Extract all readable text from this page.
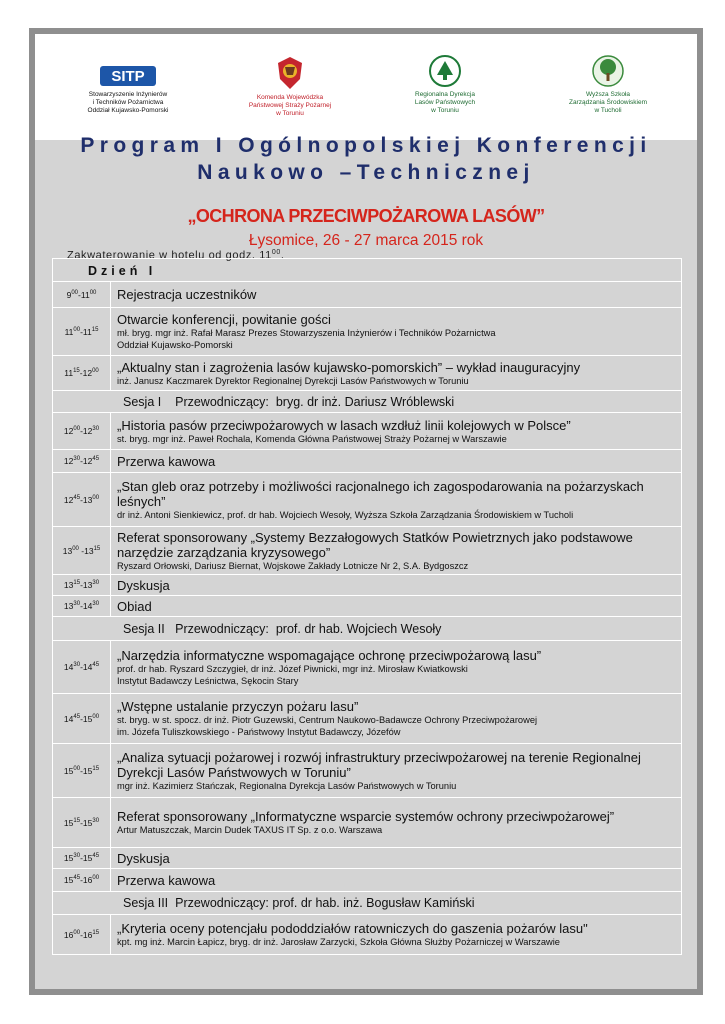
SITP
Stowarzyszenie Inżynierów
i Techników Pożarnictwa
Oddział Kujawsko-Pomorski
Komenda Wojewódzka
Państwowej Straży Pożarnej
w Toruniu
Regionalna Dyrekcja
Lasów Państwowych
w Toruniu
Wyższa Szkoła
Zarządzania Środowiskiem
w Tucholi
Program I Ogólnopolskiej Konferencji
Naukowo –Technicznej
„OCHRONA PRZECIWPOŻAROWA LASÓW”
Łysomice, 26 - 27 marca 2015 rok
Zakwaterowanie w hotelu od godz. $11^{00}$.
Dzień I	
$9^{00}-11^{00}$	Rejestracja uczestników

$11^{00}-11^{15}$	Otwarcie konferencji, powitanie gości
mł. bryg. mgr inż. Rafał Marasz Prezes Stowarzyszenia Inżynierów i Techników Pożarnictwa
Oddział Kujawsko-Pomorski

$11^{15}-12^{00}$	„Aktualny stan i zagrożenia lasów kujawsko-pomorskich” – wykład inauguracyjny
inż. Janusz Kaczmarek Dyrektor Regionalnej Dyrekcji Lasów Państwowych w Toruniu

Sesja I    Przewodniczący:  bryg. dr inż. Dariusz Wróblewski	
$12^{00}-12^{30}$	„Historia pasów przeciwpożarowych w lasach wzdłuż linii kolejowych w Polsce”
st. bryg. mgr inż. Paweł Rochala, Komenda Główna Państwowej Straży Pożarnej w Warszawie

$12^{30}-12^{45}$	Przerwa kawowa

$12^{45}-13^{00}$	„Stan gleb oraz potrzeby i możliwości racjonalnego ich zagospodarowania na pożarzyskach leśnych”
dr inż. Antoni Sienkiewicz, prof. dr hab. Wojciech Wesoły, Wyższa Szkoła Zarządzania Środowiskiem w Tucholi

$13^{00}$ $-13^{15}$	Referat sponsorowany „Systemy Bezzałogowych Statków Powietrznych jako podstawowe narzędzie zarządzania kryzysowego”
Ryszard Orłowski, Dariusz Biernat, Wojskowe Zakłady Lotnicze Nr 2, S.A. Bydgoszcz

$13^{15}-13^{30}$	Dyskusja

$13^{30}-14^{30}$	Obiad

Sesja II   Przewodniczący:  prof. dr hab. Wojciech Wesoły	
$14^{30}-14^{45}$	„Narzędzia informatyczne wspomagające ochronę przeciwpożarową lasu”
prof. dr hab. Ryszard Szczygieł, dr inż. Józef Piwnicki, mgr inż. Mirosław Kwiatkowski
Instytut Badawczy Leśnictwa, Sękocin Stary

$14^{45}-15^{00}$	„Wstępne ustalanie przyczyn pożaru lasu”
st. bryg. w st. spocz. dr inż. Piotr Guzewski, Centrum Naukowo-Badawcze Ochrony Przeciwpożarowej
im. Józefa Tuliszkowskiego - Państwowy Instytut Badawczy, Józefów

$15^{00}-15^{15}$	„Analiza sytuacji pożarowej i rozwój infrastruktury przeciwpożarowej na terenie Regionalnej Dyrekcji Lasów Państwowych w Toruniu”
mgr inż. Kazimierz Stańczak, Regionalna Dyrekcja Lasów Państwowych w Toruniu

$15^{15}-15^{30}$	Referat sponsorowany „Informatyczne wsparcie systemów ochrony przeciwpożarowej”
Artur Matuszczak, Marcin Dudek TAXUS IT Sp. z o.o. Warszawa

$15^{30}-15^{45}$	Dyskusja

$15^{45}-16^{00}$	Przerwa kawowa

Sesja III  Przewodniczący: prof. dr hab. inż. Bogusław Kamiński	
$16^{00}-16^{15}$	„Kryteria oceny potencjału pododdziałów ratowniczych do gaszenia pożarów lasu"
kpt. mg inż. Marcin Łapicz, bryg. dr inż. Jarosław Zarzycki, Szkoła Główna Służby Pożarniczej w Warszawie
